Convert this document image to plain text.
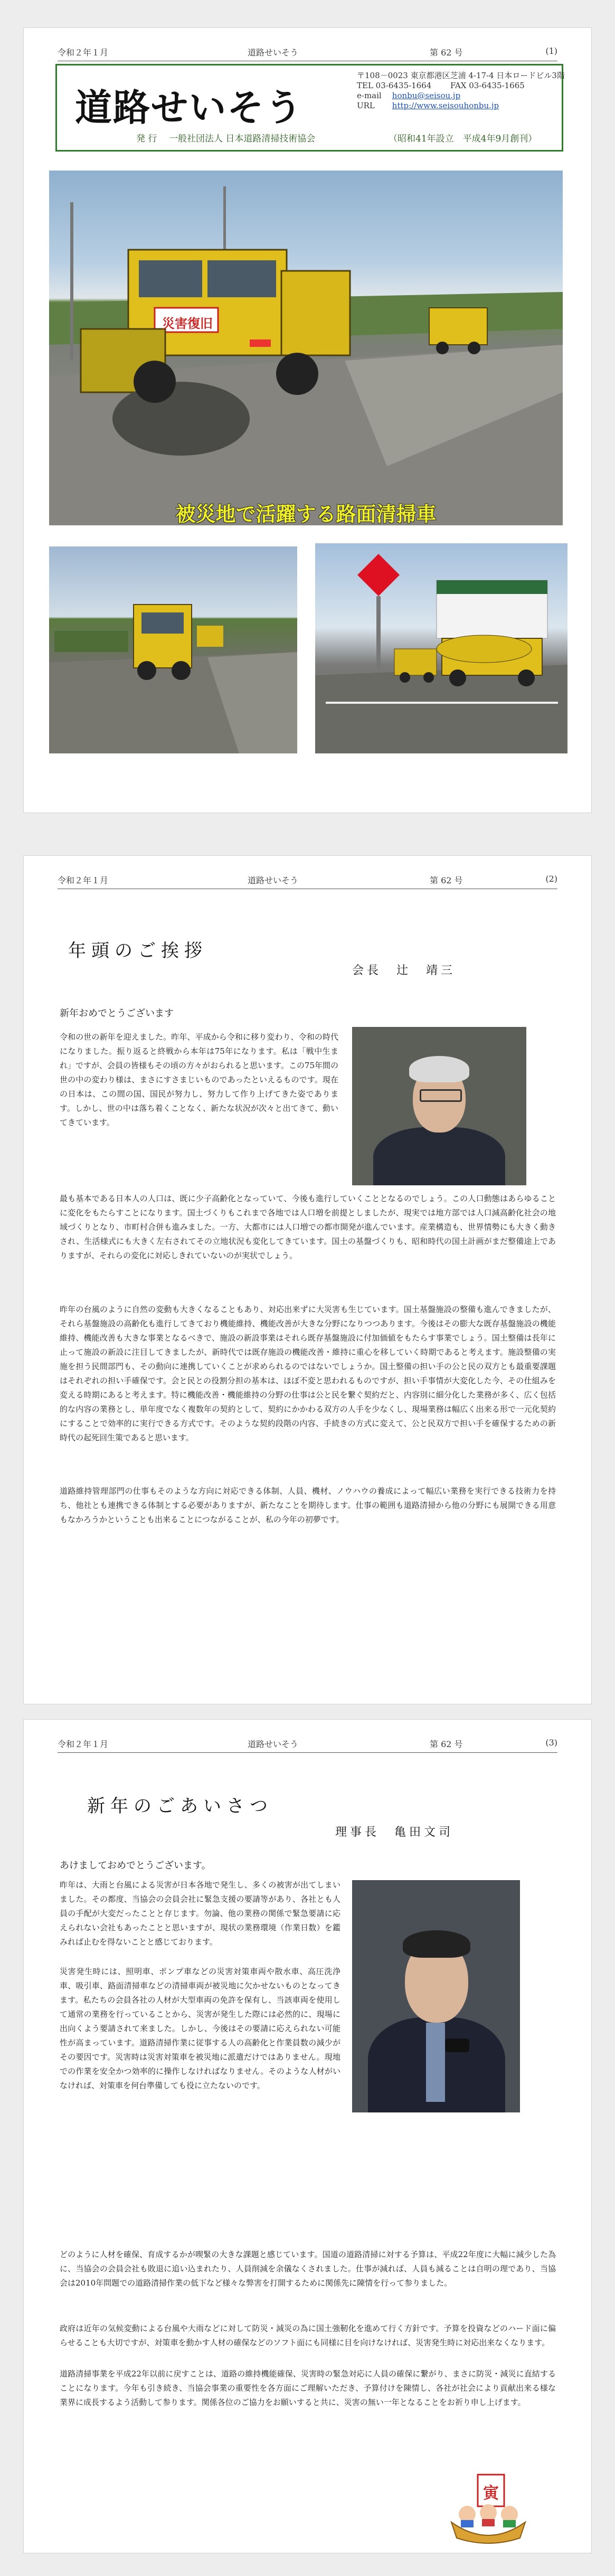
令和２年１月	道路せいそう	第 62 号	(1)
道路せいそう
〒108－0023 東京都港区芝浦 4-17-4 日本ロードビル3階
TEL 03-6435-1664 FAX 03-6435-1665
e-mail honbu@seisou.jp
URL http://www.seisouhonbu.jp
発 行 一般社団法人 日本道路清掃技術協会	（昭和41年設立　平成4年9月創刊）
災害復旧
被災地で活躍する路面清掃車
令和２年１月	道路せいそう	第 62 号	(2)
年頭のご挨拶
会長　辻　靖三
新年おめでとうございます
令和の世の新年を迎えました。昨年、平成から令和に移り変わり、令和の時代になりました。振り返ると終戦から本年は75年になります。私は「戦中生まれ」ですが、会員の皆様もその頃の方々がおられると思います。この75年間の世の中の変わり様は、まさにすさまじいものであったといえるものです。現在の日本は、この間の国、国民が努力し、努力して作り上げてきた姿であります。しかし、世の中は落ち着くことなく、新たな状況が次々と出てきて、動いてきています。
最も基本である日本人の人口は、既に少子高齢化となっていて、今後も進行していくこととなるのでしょう。この人口動態はあらゆることに変化をもたらすことになります。国土づくりもこれまで各地では人口増を前提としましたが、現実では地方部では人口減高齢化社会の地域づくりとなり、市町村合併も進みました。一方、大都市には人口増での都市開発が進んでいます。産業構造も、世界情勢にも大きく動きされ、生活様式にも大きく左右されてその立地状況も変化してきています。国土の基盤づくりも、昭和時代の国土計画がまだ整備途上でありますが、それらの変化に対応しきれていないのが実状でしょう。
昨年の台風のように自然の変動も大きくなることもあり、対応出来ずに大災害も生じています。国土基盤施設の整備も進んできましたが、それら基盤施設の高齢化も進行してきており機能維持、機能改善が大きな分野になりつつあります。今後はその膨大な既存基盤施設の機能維持、機能改善も大きな事業となるべきで、施設の新設事業はそれら既存基盤施設に付加価値をもたらす事業でしょう。国土整備は長年に止って施設の新設に注目してきましたが、新時代では既存施設の機能改善・維持に重心を移していく時期であると考えます。施設整備の実施を担う民間部門も、その動向に連携していくことが求められるのではないでしょうか。国土整備の担い手の公と民の双方とも最重要課題はそれぞれの担い手確保です。会と民との役割分担の基本は、ほぼ不変と思われるものですが、担い手事情が大変化した今、その仕組みを変える時期にあると考えます。特に機能改善・機能維持の分野の仕事は公と民を繋ぐ契約だと、内容別に細分化した業務が多く、広く包括的な内容の業務とし、単年度でなく複数年の契約として、契約にかかわる双方の人手を少なくし、現場業務は幅広く出来る形で一元化契約にすることで効率的に実行できる方式です。そのような契約段階の内容、手続きの方式に変えて、公と民双方で担い手を確保するための新時代の起死回生策であると思います。
道路維持管理部門の仕事もそのような方向に対応できる体制、人員、機材、ノウハウの養成によって幅広い業務を実行できる技術力を持ち、他社とも連携できる体制とする必要がありますが、新たなことを期待します。仕事の範囲も道路清掃から他の分野にも展開できる用意もなかろうかということも出来ることにつながることが、私の今年の初夢です。
令和２年１月	道路せいそう	第 62 号	(3)
新年のごあいさつ
理事長　亀田文司
あけましておめでとうございます。
昨年は、大雨と台風による災害が日本各地で発生し、多くの被害が出てしまいました。その都度、当協会の会員会社に緊急支援の要請等があり、各社とも人員の手配が大変だったことと存じます。勿論、他の業務の関係で緊急要請に応えられない会社もあったことと思いますが、現状の業務環境（作業日数）を鑑みれば止むを得ないことと感じております。
災害発生時には、照明車、ポンプ車などの災害対策車両や散水車、高圧洗浄車、吸引車、路面清掃車などの清掃車両が被災地に欠かせないものとなってきます。私たちの会員各社の人材が大型車両の免許を保有し、当該車両を使用して通常の業務を行っていることから、災害が発生した際には必然的に、現場に出向くよう要請されて来ました。しかし、今後はその要請に応えられない可能性が高まっています。道路清掃作業に従事する人の高齢化と作業員数の減少がその要因です。災害時は災害対策車を被災地に派遣だけではありません。現地での作業を安全かつ効率的に操作しなければなりません。そのような人材がいなければ、対策車を何台準備しても役に立たないのです。
どのように人材を確保、育成するかが喫緊の大きな課題と感じています。国道の道路清掃に対する予算は、平成22年度に大幅に減少した為に、当協会の会員会社も敗退に追い込まれたり、人員削減を余儀なくされました。仕事が減れば、人員も減ることは自明の理であり、当協会は2010年問題での道路清掃作業の低下など様々な弊害を打開するために関係先に陳情を行って参りました。
政府は近年の気候変動による台風や大雨などに対して防災・減災の為に国土強靭化を進めて行く方針です。予算を投資などのハード面に偏らせることも大切ですが、対策車を動かす人材の確保などのソフト面にも同様に目を向けなければ、災害発生時に対応出来なくなります。
道路清掃事業を平成22年以前に戻すことは、道路の維持機能確保、災害時の緊急対応に人員の確保に繋がり、まさに防災・減災に直結することになります。今年も引き続き、当協会事業の重要性を各方面にご理解いただき、予算付けを陳情し、各社が社会により貢献出来る様な業界に成長するよう活動して参ります。関係各位のご協力をお願いすると共に、災害の無い一年となることをお祈り申し上げます。
寅
